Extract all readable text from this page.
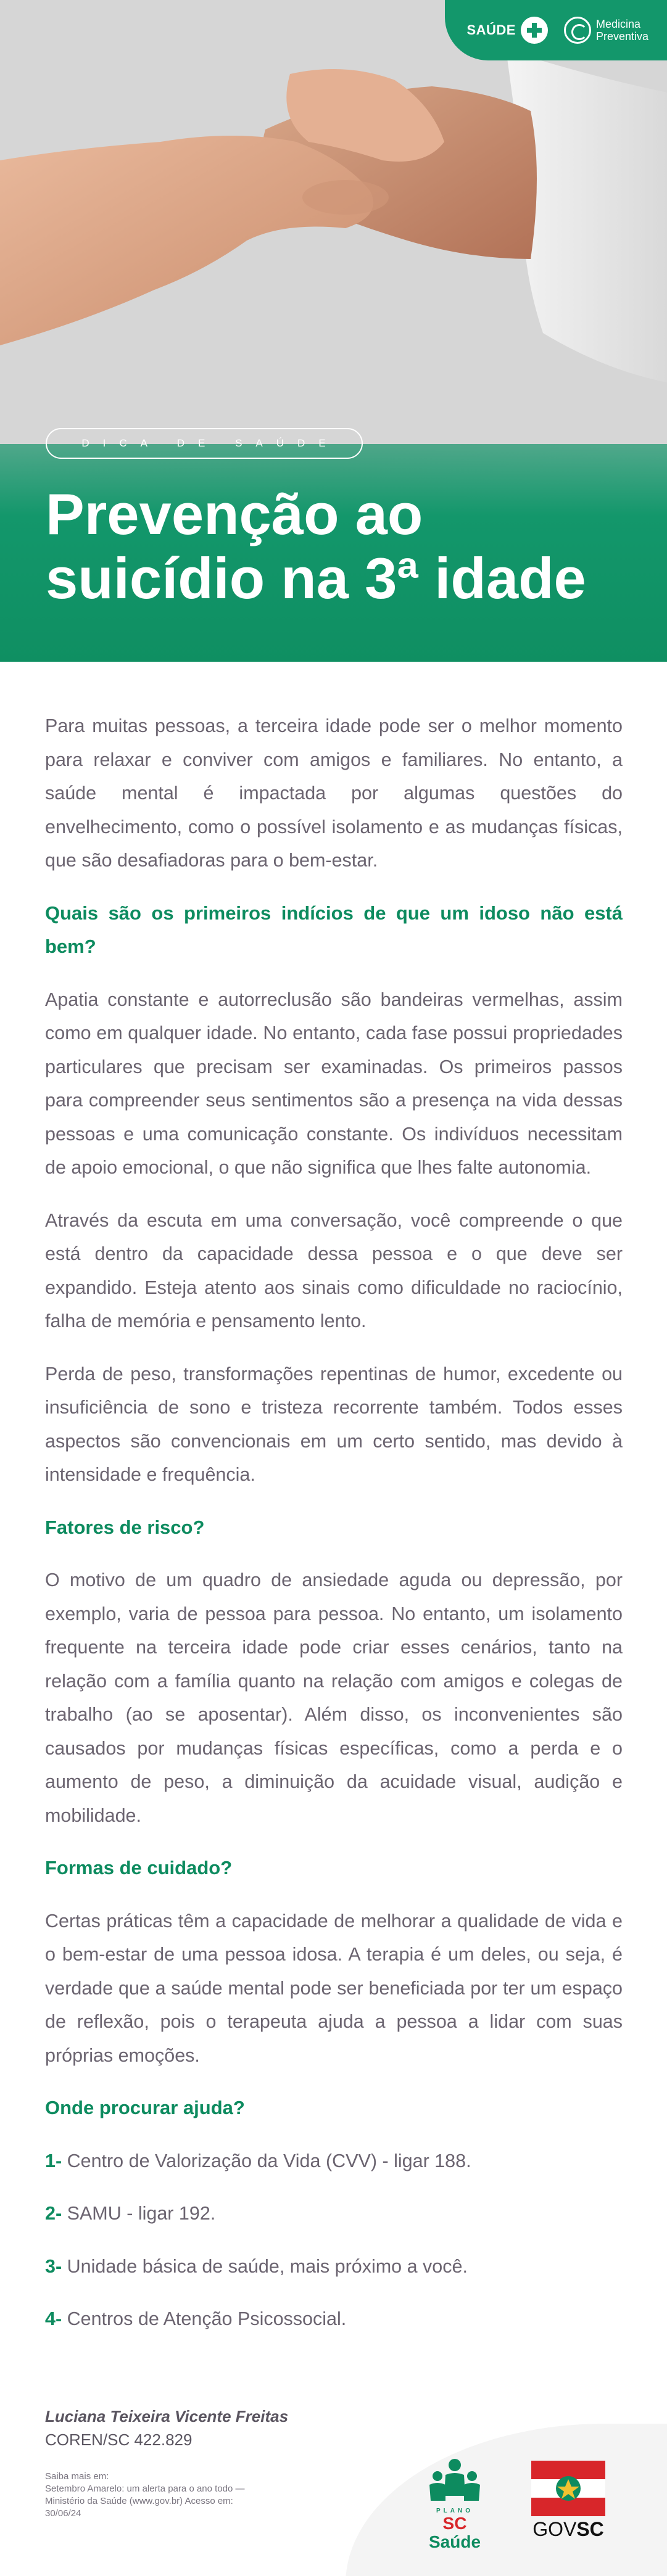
SAÚDE	Medicina
Preventiva
DICA DE SAÚDE
Prevenção ao
suicídio na 3ª idade

Para muitas pessoas, a terceira idade pode ser o melhor momento para relaxar e conviver com amigos e familiares. No entanto, a saúde mental é impactada por algumas questões do envelhecimento, como o possível isolamento e as mudanças físicas, que são desafiadoras para o bem-estar.

Quais são os primeiros indícios de que um idoso não está bem?

Apatia constante e autorreclusão são bandeiras vermelhas, assim como em qualquer idade. No entanto, cada fase possui propriedades particulares que precisam ser examinadas. Os primeiros passos para compreender seus sentimentos são a presença na vida dessas pessoas e uma comunicação constante. Os indivíduos necessitam de apoio emocional, o que não significa que lhes falte autonomia.

Através da escuta em uma conversação, você compreende o que está dentro da capacidade dessa pessoa e o que deve ser expandido. Esteja atento aos sinais como dificuldade no raciocínio, falha de memória e pensamento lento.

Perda de peso, transformações repentinas de humor, excedente ou insuficiência de sono e tristeza recorrente também. Todos esses aspectos são convencionais em um certo sentido, mas devido à intensidade e frequência.

Fatores de risco?

O motivo de um quadro de ansiedade aguda ou depressão, por exemplo, varia de pessoa para pessoa. No entanto, um isolamento frequente na terceira idade pode criar esses cenários, tanto na relação com a família quanto na relação com amigos e colegas de trabalho (ao se aposentar). Além disso, os inconvenientes são causados por mudanças físicas específicas, como a perda e o aumento de peso, a diminuição da acuidade visual, audição e mobilidade.

Formas de cuidado?

Certas práticas têm a capacidade de melhorar a qualidade de vida e o bem-estar de uma pessoa idosa. A terapia é um deles, ou seja, é verdade que a saúde mental pode ser beneficiada por ter um espaço de reflexão, pois o terapeuta ajuda a pessoa a lidar com suas próprias emoções.

Onde procurar ajuda?

1- Centro de Valorização da Vida (CVV) - ligar 188.
2- SAMU - ligar 192.
3- Unidade básica de saúde, mais próximo a você.
4- Centros de Atenção Psicossocial.
Luciana Teixeira Vicente Freitas
COREN/SC 422.829
Saiba mais em:
Setembro Amarelo: um alerta para o ano todo —
Ministério da Saúde (www.gov.br) Acesso em:
30/06/24	PLANO
SC Saúde
GOVSC
